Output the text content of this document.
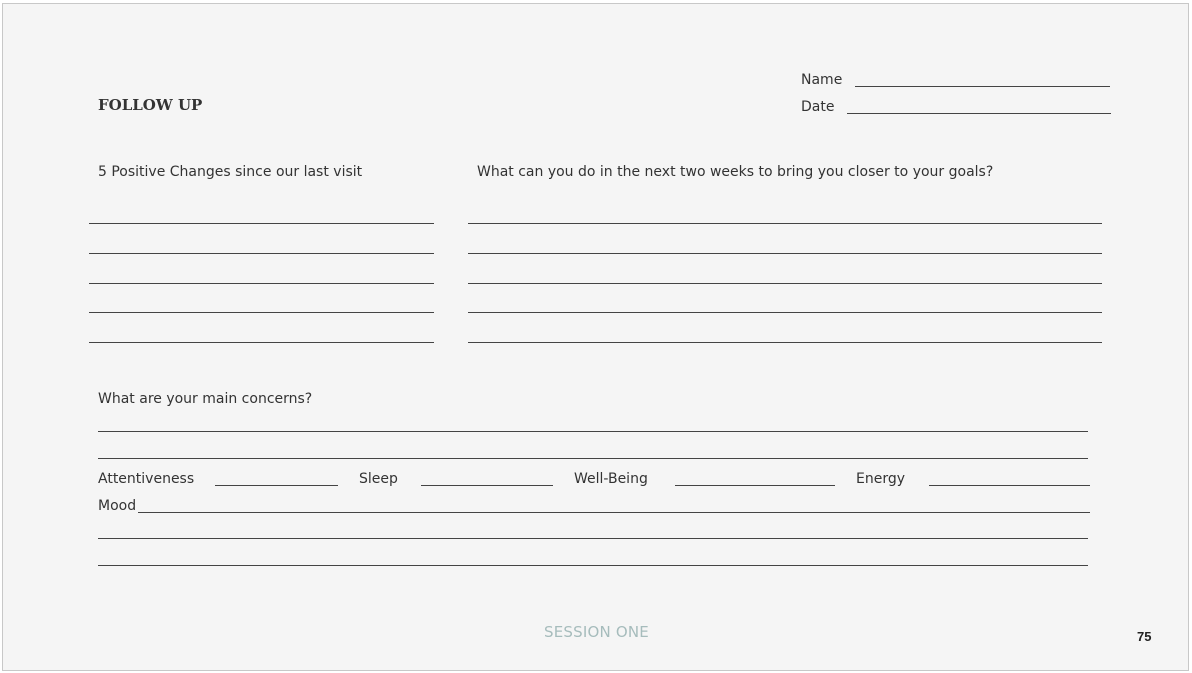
FOLLOW UP
Name
Date
5 Positive Changes since our last visit	What can you do in the next two weeks to bring you closer to your goals?
What are your main concerns?
Attentiveness	Sleep	Well-Being	Energy
Mood
SESSION ONE	75
